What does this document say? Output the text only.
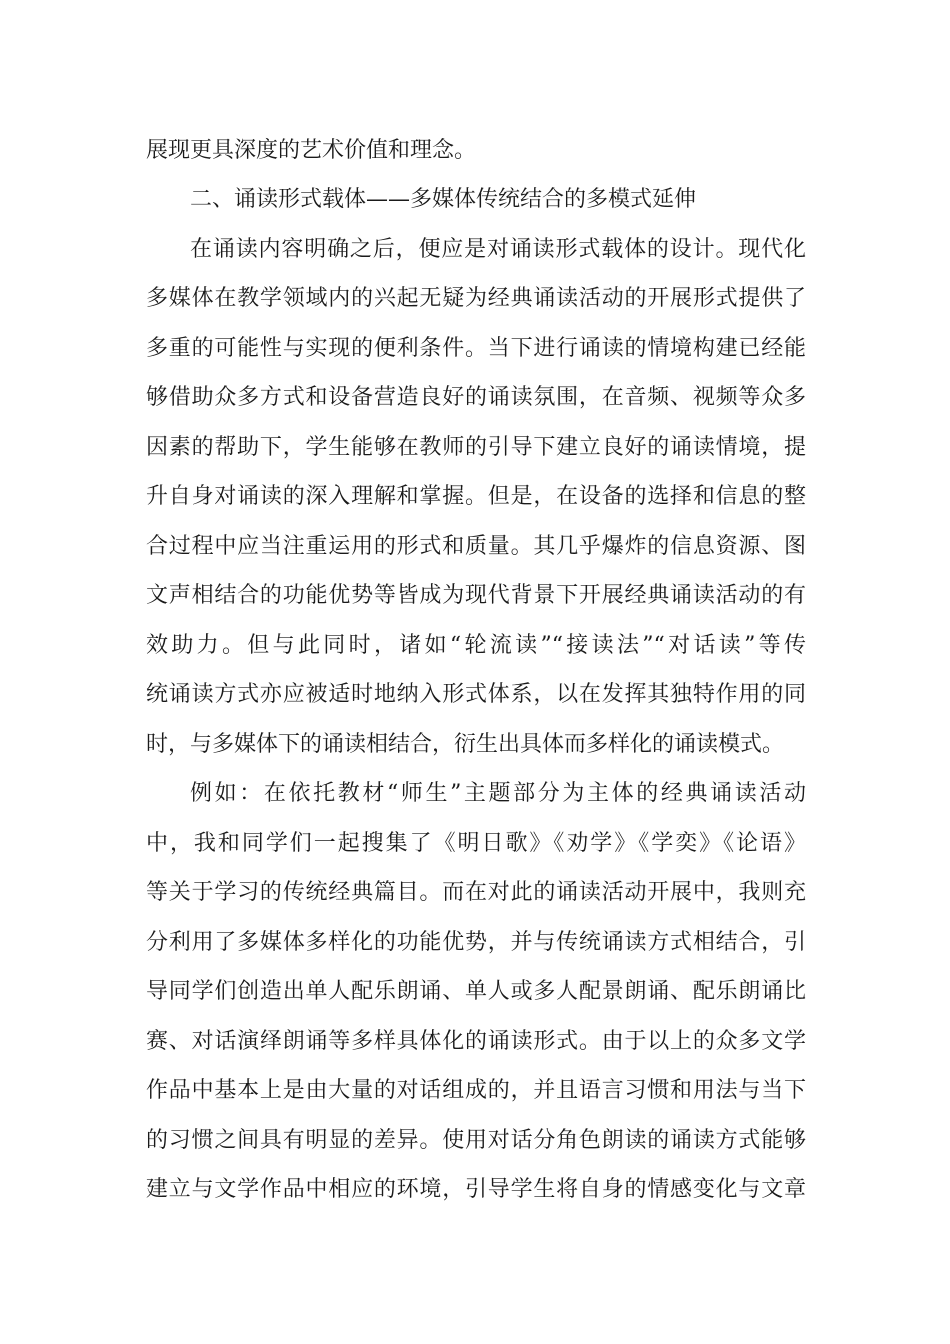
展现更具深度的艺术价值和理念。
二、诵读形式载体——多媒体传统结合的多模式延伸
在诵读内容明确之后，便应是对诵读形式载体的设计。现代化
多媒体在教学领域内的兴起无疑为经典诵读活动的开展形式提供了
多重的可能性与实现的便利条件。当下进行诵读的情境构建已经能
够借助众多方式和设备营造良好的诵读氛围，在音频、视频等众多
因素的帮助下，学生能够在教师的引导下建立良好的诵读情境，提
升自身对诵读的深入理解和掌握。但是，在设备的选择和信息的整
合过程中应当注重运用的形式和质量。其几乎爆炸的信息资源、图
文声相结合的功能优势等皆成为现代背景下开展经典诵读活动的有
效助力。但与此同时，诸如“轮流读”“接读法”“对话读”等传
统诵读方式亦应被适时地纳入形式体系，以在发挥其独特作用的同
时，与多媒体下的诵读相结合，衍生出具体而多样化的诵读模式。
例如：在依托教材“师生”主题部分为主体的经典诵读活动
中，我和同学们一起搜集了《明日歌》《劝学》《学奕》《论语》
等关于学习的传统经典篇目。而在对此的诵读活动开展中，我则充
分利用了多媒体多样化的功能优势，并与传统诵读方式相结合，引
导同学们创造出单人配乐朗诵、单人或多人配景朗诵、配乐朗诵比
赛、对话演绎朗诵等多样具体化的诵读形式。由于以上的众多文学
作品中基本上是由大量的对话组成的，并且语言习惯和用法与当下
的习惯之间具有明显的差异。使用对话分角色朗读的诵读方式能够
建立与文学作品中相应的环境，引导学生将自身的情感变化与文章
